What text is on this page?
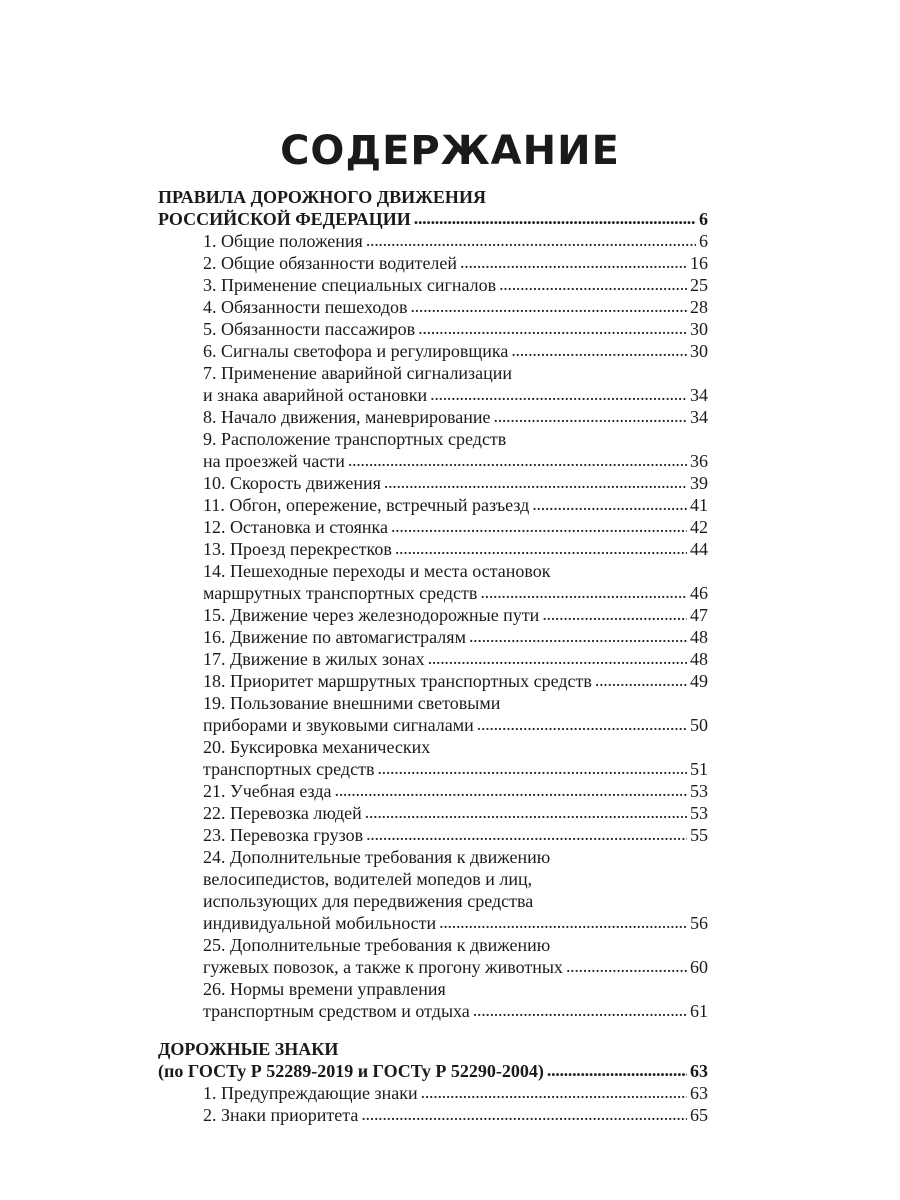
СОДЕРЖАНИЕ
ПРАВИЛА ДОРОЖНОГО ДВИЖЕНИЯ
РОССИЙСКОЙ ФЕДЕРАЦИИ . . .	6
1. Общие положения . . .	6
2. Общие обязанности водителей . . .	16
3. Применение специальных сигналов . . .	25
4. Обязанности пешеходов . . .	28
5. Обязанности пассажиров . . .	30
6. Сигналы светофора и регулировщика . . .	30
7. Применение аварийной сигнализации
и знака аварийной остановки . . .	34
8. Начало движения, маневрирование . . .	34
9. Расположение транспортных средств
на проезжей части . . .	36
10. Скорость движения . . .	39
11. Обгон, опережение, встречный разъезд . . .	41
12. Остановка и стоянка . . .	42
13. Проезд перекрестков . . .	44
14. Пешеходные переходы и места остановок
маршрутных транспортных средств . . .	46
15. Движение через железнодорожные пути . . .	47
16. Движение по автомагистралям . . .	48
17. Движение в жилых зонах . . .	48
18. Приоритет маршрутных транспортных средств . . .	49
19. Пользование внешними световыми
приборами и звуковыми сигналами . . .	50
20. Буксировка механических
транспортных средств . . .	51
21. Учебная езда . . .	53
22. Перевозка людей . . .	53
23. Перевозка грузов . . .	55
24. Дополнительные требования к движению
велосипедистов, водителей мопедов и лиц,
использующих для передвижения средства
индивидуальной мобильности . . .	56
25. Дополнительные требования к движению
гужевых повозок, а также к прогону животных . . .	60
26. Нормы времени управления
транспортным средством и отдыха . . .	61
ДОРОЖНЫЕ ЗНАКИ
(по ГОСТу Р 52289-2019 и ГОСТу Р 52290-2004) . . .	63
1. Предупреждающие знаки . . .	63
2. Знаки приоритета . . .	65
